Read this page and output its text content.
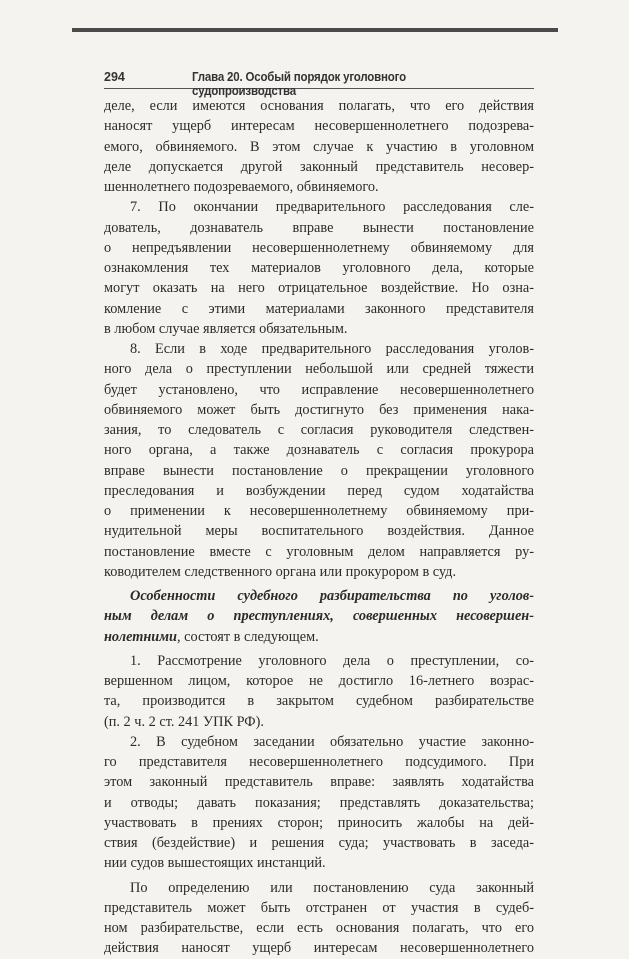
294	Глава 20. Особый порядок уголовного судопроизводства

деле, если имеются основания полагать, что его действия

наносят ущерб интересам несовершеннолетнего подозрева-

емого, обвиняемого. В этом случае к участию в уголовном

деле допускается другой законный представитель несовер-

шеннолетнего подозреваемого, обвиняемого.

7. По окончании предварительного расследования сле-

дователь, дознаватель вправе вынести постановление

о непредъявлении несовершеннолетнему обвиняемому для

ознакомления тех материалов уголовного дела, которые

могут оказать на него отрицательное воздействие. Но озна-

комление с этими материалами законного представителя

в любом случае является обязательным.

8. Если в ходе предварительного расследования уголов-

ного дела о преступлении небольшой или средней тяжести

будет установлено, что исправление несовершеннолетнего

обвиняемого может быть достигнуто без применения нака-

зания, то следователь с согласия руководителя следствен-

ного органа, а также дознаватель с согласия прокурора

вправе вынести постановление о прекращении уголовного

преследования и возбуждении перед судом ходатайства

о применении к несовершеннолетнему обвиняемому при-

нудительной меры воспитательного воздействия. Данное

постановление вместе с уголовным делом направляется ру-

ководителем следственного органа или прокурором в суд.

Особенности судебного разбирательства по уголов-

ным делам о преступлениях, совершенных несовершен-

нолетними, состоят в следующем.

1. Рассмотрение уголовного дела о преступлении, со-

вершенном лицом, которое не достигло 16-летнего возрас-

та, производится в закрытом судебном разбирательстве

(п. 2 ч. 2 ст. 241 УПК РФ).

2. В судебном заседании обязательно участие законно-

го представителя несовершеннолетнего подсудимого. При

этом законный представитель вправе: заявлять ходатайства

и отводы; давать показания; представлять доказательства;

участвовать в прениях сторон; приносить жалобы на дей-

ствия (бездействие) и решения суда; участвовать в заседа-

нии судов вышестоящих инстанций.

По определению или постановлению суда законный

представитель может быть отстранен от участия в судеб-

ном разбирательстве, если есть основания полагать, что его

действия наносят ущерб интересам несовершеннолетнего
